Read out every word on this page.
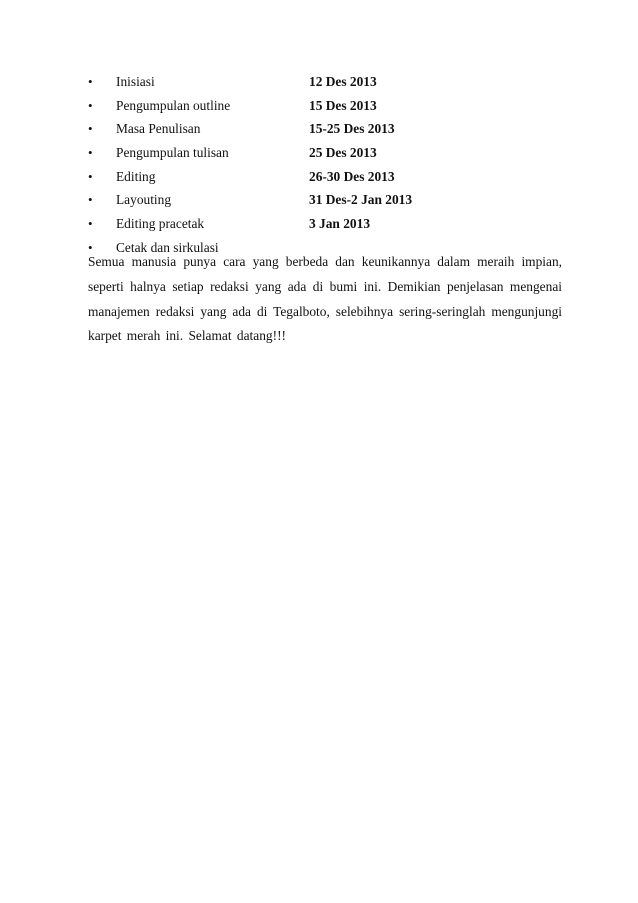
• Inisiasi	12 Des 2013
• Pengumpulan outline	15 Des 2013
• Masa Penulisan	15-25 Des 2013
• Pengumpulan tulisan	25 Des 2013
• Editing	26-30 Des 2013
• Layouting	31 Des-2 Jan 2013
• Editing pracetak	3 Jan 2013
• Cetak dan sirkulasi

Semua manusia punya cara yang berbeda dan keunikannya dalam meraih impian, seperti halnya setiap redaksi yang ada di bumi ini. Demikian penjelasan mengenai manajemen redaksi yang ada di Tegalboto, selebihnya sering-seringlah mengunjungi karpet merah ini. Selamat datang!!!
